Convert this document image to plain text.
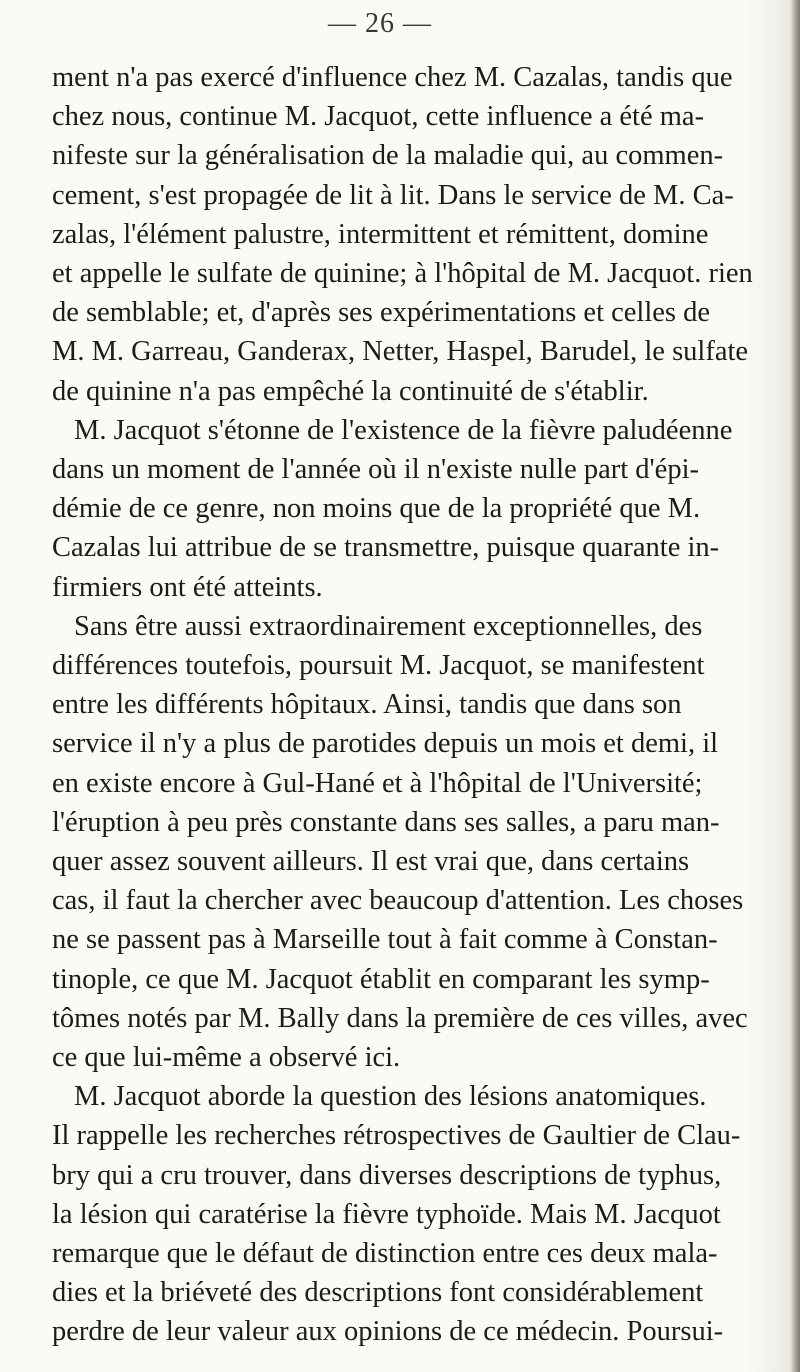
— 26 —
ment n'a pas exercé d'influence chez M. Cazalas, tandis que
chez nous, continue M. Jacquot, cette influence a été ma-
nifeste sur la généralisation de la maladie qui, au commen-
cement, s'est propagée de lit à lit. Dans le service de M. Ca-
zalas, l'élément palustre, intermittent et rémittent, domine
et appelle le sulfate de quinine; à l'hôpital de M. Jacquot. rien
de semblable; et, d'après ses expérimentations et celles de
M. M. Garreau, Ganderax, Netter, Haspel, Barudel, le sulfate
de quinine n'a pas empêché la continuité de s'établir.
M. Jacquot s'étonne de l'existence de la fièvre paludéenne
dans un moment de l'année où il n'existe nulle part d'épi-
démie de ce genre, non moins que de la propriété que M.
Cazalas lui attribue de se transmettre, puisque quarante in-
firmiers ont été atteints.
Sans être aussi extraordinairement exceptionnelles, des
différences toutefois, poursuit M. Jacquot, se manifestent
entre les différents hôpitaux. Ainsi, tandis que dans son
service il n'y a plus de parotides depuis un mois et demi, il
en existe encore à Gul-Hané et à l'hôpital de l'Université;
l'éruption à peu près constante dans ses salles, a paru man-
quer assez souvent ailleurs. Il est vrai que, dans certains
cas, il faut la chercher avec beaucoup d'attention. Les choses
ne se passent pas à Marseille tout à fait comme à Constan-
tinople, ce que M. Jacquot établit en comparant les symp-
tômes notés par M. Bally dans la première de ces villes, avec
ce que lui-même a observé ici.
M. Jacquot aborde la question des lésions anatomiques.
Il rappelle les recherches rétrospectives de Gaultier de Clau-
bry qui a cru trouver, dans diverses descriptions de typhus,
la lésion qui caratérise la fièvre typhoïde. Mais M. Jacquot
remarque que le défaut de distinction entre ces deux mala-
dies et la briéveté des descriptions font considérablement
perdre de leur valeur aux opinions de ce médecin. Poursui-
